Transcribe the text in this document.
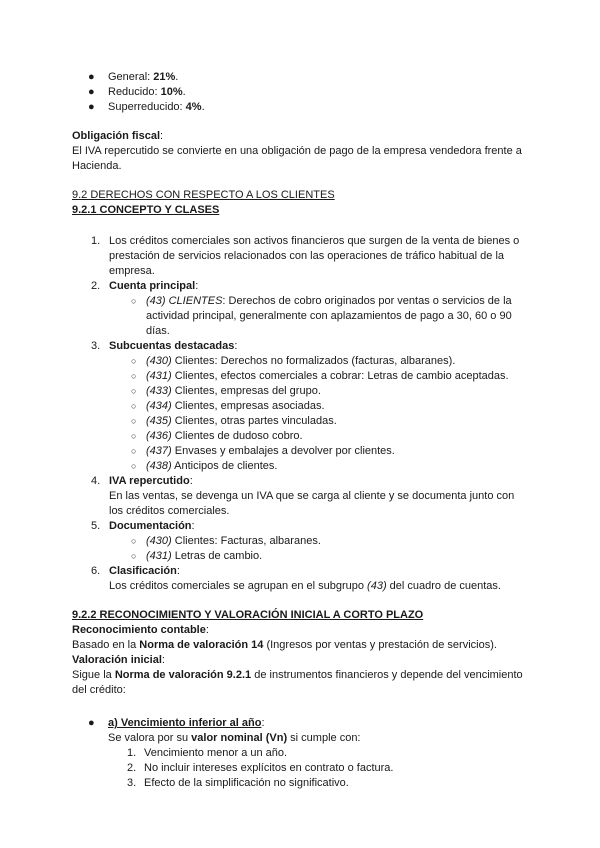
● General: 21%.
● Reducido: 10%.
● Superreducido: 4%.
Obligación fiscal:
El IVA repercutido se convierte en una obligación de pago de la empresa vendedora frente a
Hacienda.
9.2 DERECHOS CON RESPECTO A LOS CLIENTES
9.2.1 CONCEPTO Y CLASES
1. Los créditos comerciales son activos financieros que surgen de la venta de bienes o
prestación de servicios relacionados con las operaciones de tráfico habitual de la
empresa.
2. Cuenta principal:
○ (43) CLIENTES: Derechos de cobro originados por ventas o servicios de la
actividad principal, generalmente con aplazamientos de pago a 30, 60 o 90
días.
3. Subcuentas destacadas:
○ (430) Clientes: Derechos no formalizados (facturas, albaranes).
○ (431) Clientes, efectos comerciales a cobrar: Letras de cambio aceptadas.
○ (433) Clientes, empresas del grupo.
○ (434) Clientes, empresas asociadas.
○ (435) Clientes, otras partes vinculadas.
○ (436) Clientes de dudoso cobro.
○ (437) Envases y embalajes a devolver por clientes.
○ (438) Anticipos de clientes.
4. IVA repercutido:
En las ventas, se devenga un IVA que se carga al cliente y se documenta junto con
los créditos comerciales.
5. Documentación:
○ (430) Clientes: Facturas, albaranes.
○ (431) Letras de cambio.
6. Clasificación:
Los créditos comerciales se agrupan en el subgrupo (43) del cuadro de cuentas.
9.2.2 RECONOCIMIENTO Y VALORACIÓN INICIAL A CORTO PLAZO
Reconocimiento contable:
Basado en la Norma de valoración 14 (Ingresos por ventas y prestación de servicios).
Valoración inicial:
Sigue la Norma de valoración 9.2.1 de instrumentos financieros y depende del vencimiento
del crédito:
● a) Vencimiento inferior al año:
Se valora por su valor nominal (Vn) si cumple con:
1. Vencimiento menor a un año.
2. No incluir intereses explícitos en contrato o factura.
3. Efecto de la simplificación no significativo.
